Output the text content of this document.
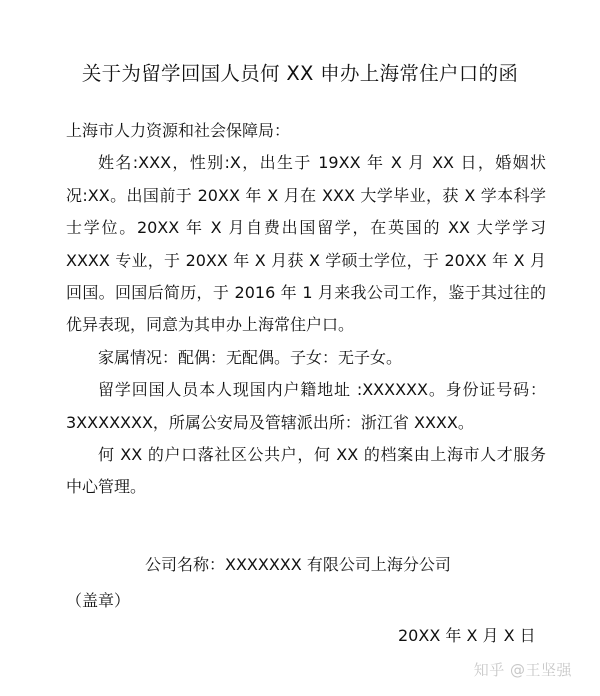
关于为留学回国人员何 XX 申办上海常住户口的函

上海市人力资源和社会保障局：

姓名:XXX，性别:X，出生于 19XX 年 X 月 XX 日，婚姻状况:XX。出国前于 20XX 年 X 月在 XXX 大学毕业，获 X 学本科学士学位。20XX 年 X 月自费出国留学，在英国的 XX 大学学习 XXXX 专业，于 20XX 年 X 月获 X 学硕士学位，于 20XX 年 X 月回国。回国后简历，于 2016 年 1 月来我公司工作，鉴于其过往的优异表现，同意为其申办上海常住户口。

家属情况：配偶：无配偶。子女：无子女。

留学回国人员本人现国内户籍地址 :XXXXXX。身份证号码：3XXXXXXX，所属公安局及管辖派出所：浙江省 XXXX。

何 XX 的户口落社区公共户，何 XX 的档案由上海市人才服务中心管理。

公司名称：XXXXXXX 有限公司上海分公司
（盖章）
20XX 年 X 月 X 日
知乎 @王坚强
